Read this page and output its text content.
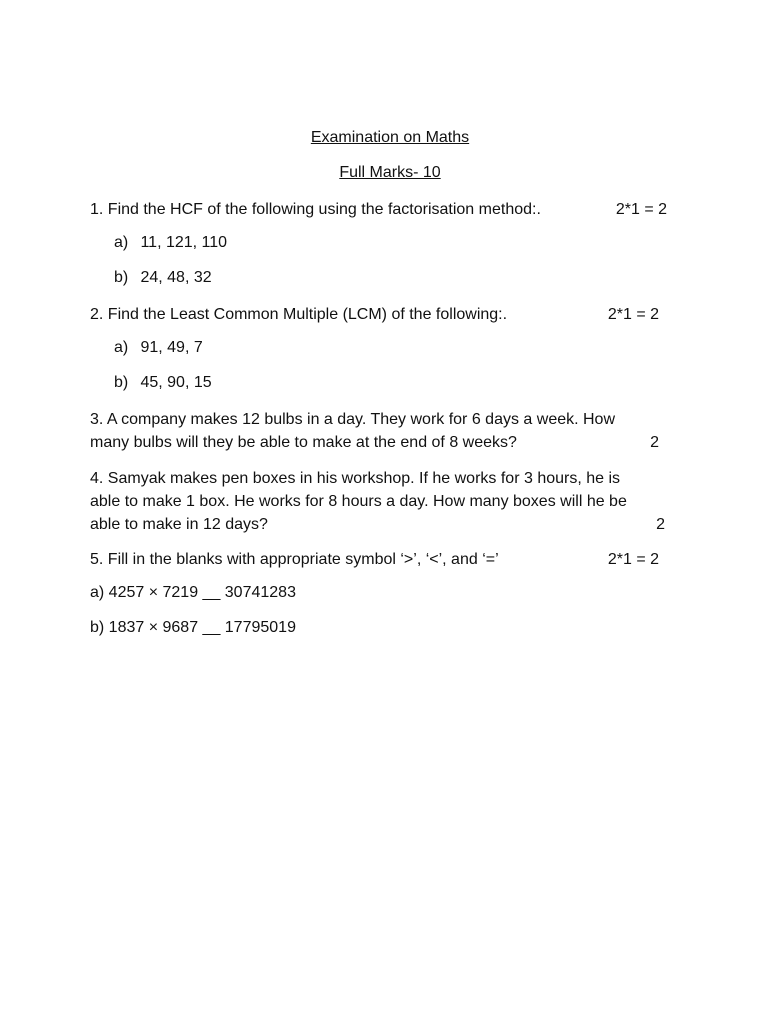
Examination on Maths
Full Marks- 10
1. Find the HCF of the following using the factorisation method:.	2*1 = 2
a) 11, 121, 110
b) 24, 48, 32
2. Find the Least Common Multiple (LCM) of the following:.	2*1 = 2
a) 91, 49, 7
b) 45, 90, 15
3. A company makes 12 bulbs in a day. They work for 6 days a week. How
many bulbs will they be able to make at the end of 8 weeks?	2
4. Samyak makes pen boxes in his workshop. If he works for 3 hours, he is
able to make 1 box. He works for 8 hours a day. How many boxes will he be
able to make in 12 days?	2
5. Fill in the blanks with appropriate symbol ‘>’, ‘<’, and ‘=’	2*1 = 2
a) 4257 × 7219 __ 30741283
b) 1837 × 9687 __ 17795019
